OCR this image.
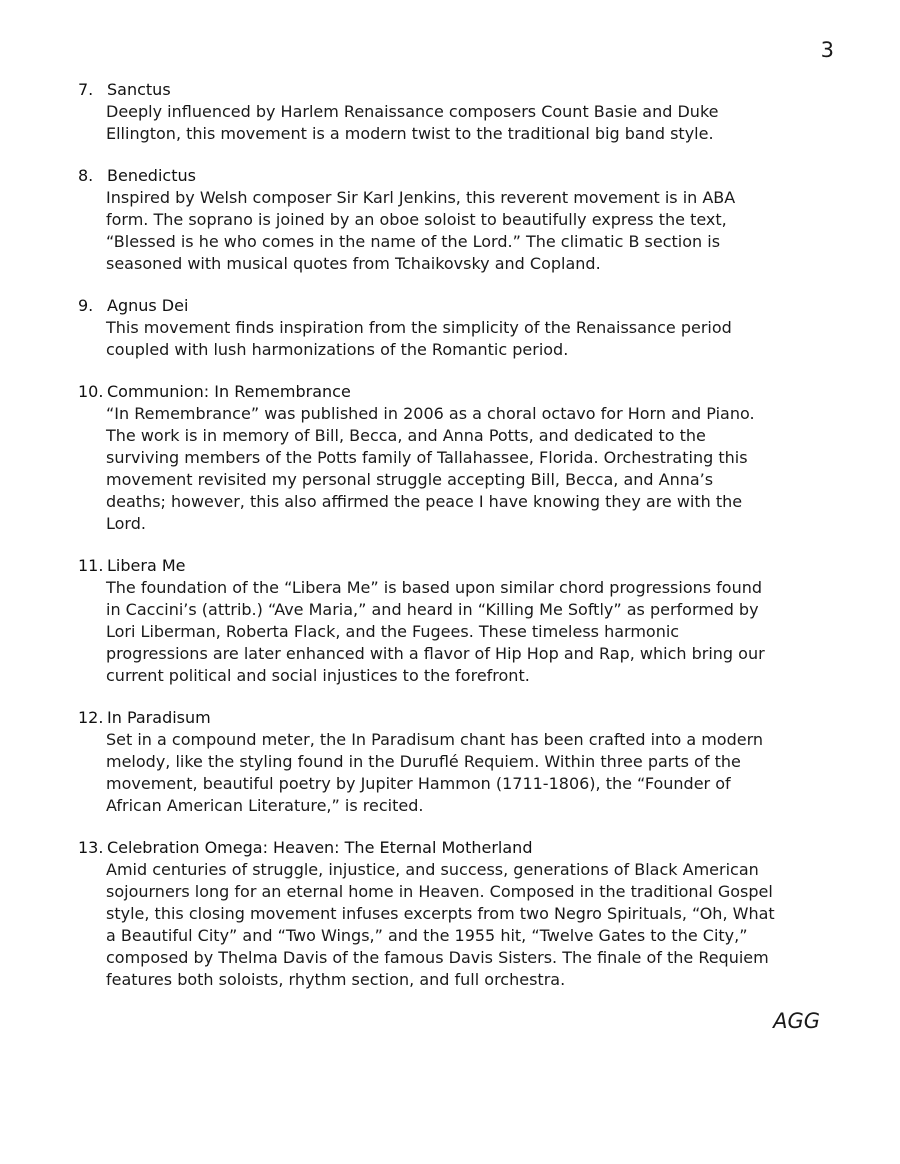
3
7. Sanctus
Deeply influenced by Harlem Renaissance composers Count Basie and Duke Ellington, this movement is a modern twist to the traditional big band style.
8. Benedictus
Inspired by Welsh composer Sir Karl Jenkins, this reverent movement is in ABA form. The soprano is joined by an oboe soloist to beautifully express the text, “Blessed is he who comes in the name of the Lord.” The climatic B section is seasoned with musical quotes from Tchaikovsky and Copland.
9. Agnus Dei
This movement finds inspiration from the simplicity of the Renaissance period coupled with lush harmonizations of the Romantic period.
10. Communion: In Remembrance
“In Remembrance” was published in 2006 as a choral octavo for Horn and Piano. The work is in memory of Bill, Becca, and Anna Potts, and dedicated to the surviving members of the Potts family of Tallahassee, Florida. Orchestrating this movement revisited my personal struggle accepting Bill, Becca, and Anna’s deaths; however, this also affirmed the peace I have knowing they are with the Lord.
11. Libera Me
The foundation of the “Libera Me” is based upon similar chord progressions found in Caccini’s (attrib.) “Ave Maria,” and heard in “Killing Me Softly” as performed by Lori Liberman, Roberta Flack, and the Fugees. These timeless harmonic progressions are later enhanced with a flavor of Hip Hop and Rap, which bring our current political and social injustices to the forefront.
12. In Paradisum
Set in a compound meter, the In Paradisum chant has been crafted into a modern melody, like the styling found in the Duruflé Requiem. Within three parts of the movement, beautiful poetry by Jupiter Hammon (1711-1806), the “Founder of African American Literature,” is recited.
13. Celebration Omega: Heaven: The Eternal Motherland
Amid centuries of struggle, injustice, and success, generations of Black American sojourners long for an eternal home in Heaven. Composed in the traditional Gospel style, this closing movement infuses excerpts from two Negro Spirituals, “Oh, What a Beautiful City” and “Two Wings,” and the 1955 hit, “Twelve Gates to the City,” composed by Thelma Davis of the famous Davis Sisters. The finale of the Requiem features both soloists, rhythm section, and full orchestra.
AGG
